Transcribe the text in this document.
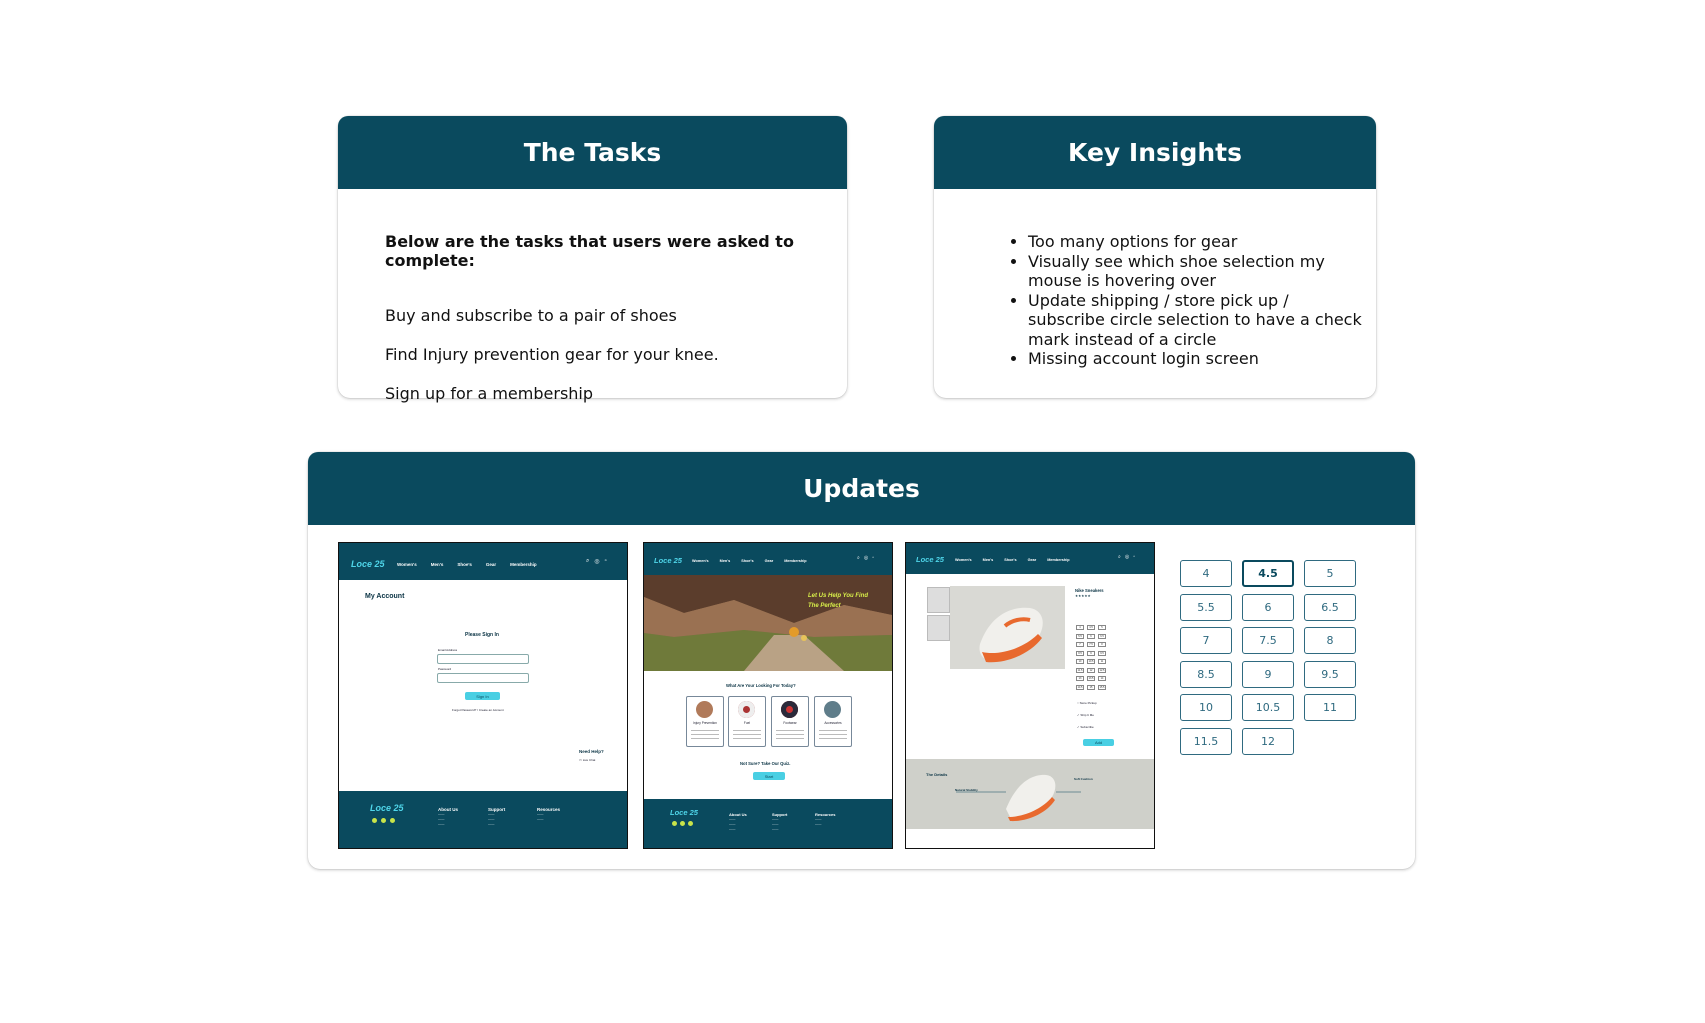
The Tasks

Below are the tasks that users were asked to complete:

Buy and subscribe to a pair of shoes

Find Injury prevention gear for your knee.

Sign up for a membership

Key Insights
• Too many options for gear
• Visually see which shoe selection my mouse is hovering over
• Update shipping / store pick up / subscribe circle selection to have a check mark instead of a circle
• Missing account login screen
Updates
Loce 25	Women's	Men's	Shoe's	Gear	Membership
⌕ ◎ ▫
My Account
Please Sign In
Email Address
Password
Sign In
Forgot Password? / Create an Account
Need Help?
▭ Live Chat
Loce 25	About Us
——
——
——
Support
——
——
——
Resources
——
——
Loce 25	Women's	Men's	Shoe's	Gear	Membership	⌕ ◎ ▫
Let Us Help You Find The Perfect
What Are Your Looking For Today?
Injury Prevention	Fuel	Footwear	Accessories
Not Sure? Take Our Quiz.
Start
Loce 25	About Us
——
——
——
Support
——
——
——
Resources
——
——
Loce 25	Women's	Men's	Shoe's	Gear	Membership	⌕ ◎ ▫
Nike Sneakers
★★★★★
4	4.5	5
5.5	6	6.5
7	7.5	8
8.5	9	9.5
10	10.5	11
11.5	12	12.5
13	13.5	14
14.5	15	15.5
○ Store Pickup
✓ Ship It Me
✓ Subscribe
Add
The Details
Natural Stability
Soft Cushion
4	4.5	5
5.5	6	6.5
7	7.5	8
8.5	9	9.5
10	10.5	11
11.5	12
